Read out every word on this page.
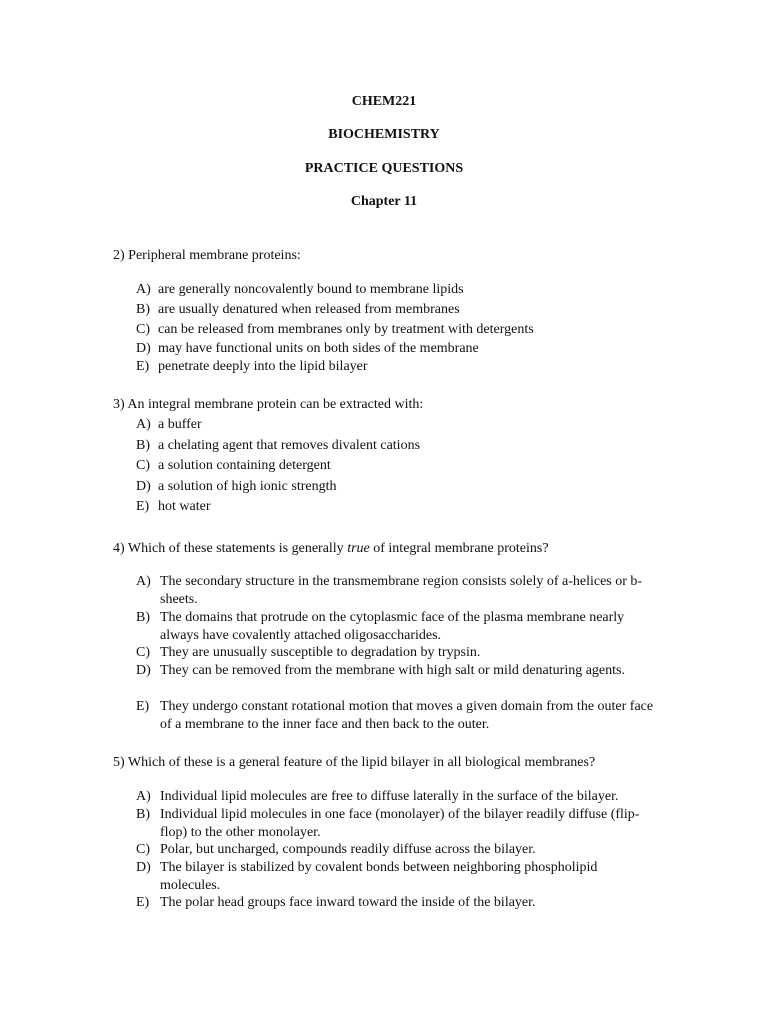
CHEM221
BIOCHEMISTRY
PRACTICE QUESTIONS
Chapter 11

2) Peripheral membrane proteins:

A) are generally noncovalently bound to membrane lipids
B) are usually denatured when released from membranes
C) can be released from membranes only by treatment with detergents
D) may have functional units on both sides of the membrane
E) penetrate deeply into the lipid bilayer

3) An integral membrane protein can be extracted with:

A) a buffer
B) a chelating agent that removes divalent cations
C) a solution containing detergent
D) a solution of high ionic strength
E) hot water

4) Which of these statements is generally true of integral membrane proteins?

A) The secondary structure in the transmembrane region consists solely of a-helices or b-sheets.
B) The domains that protrude on the cytoplasmic face of the plasma membrane nearly always have covalently attached oligosaccharides.
C) They are unusually susceptible to degradation by trypsin.
D) They can be removed from the membrane with high salt or mild denaturing agents.
E) They undergo constant rotational motion that moves a given domain from the outer face of a membrane to the inner face and then back to the outer.

5) Which of these is a general feature of the lipid bilayer in all biological membranes?

A) Individual lipid molecules are free to diffuse laterally in the surface of the bilayer.
B) Individual lipid molecules in one face (monolayer) of the bilayer readily diffuse (flip-flop) to the other monolayer.
C) Polar, but uncharged, compounds readily diffuse across the bilayer.
D) The bilayer is stabilized by covalent bonds between neighboring phospholipid molecules.
E) The polar head groups face inward toward the inside of the bilayer.
